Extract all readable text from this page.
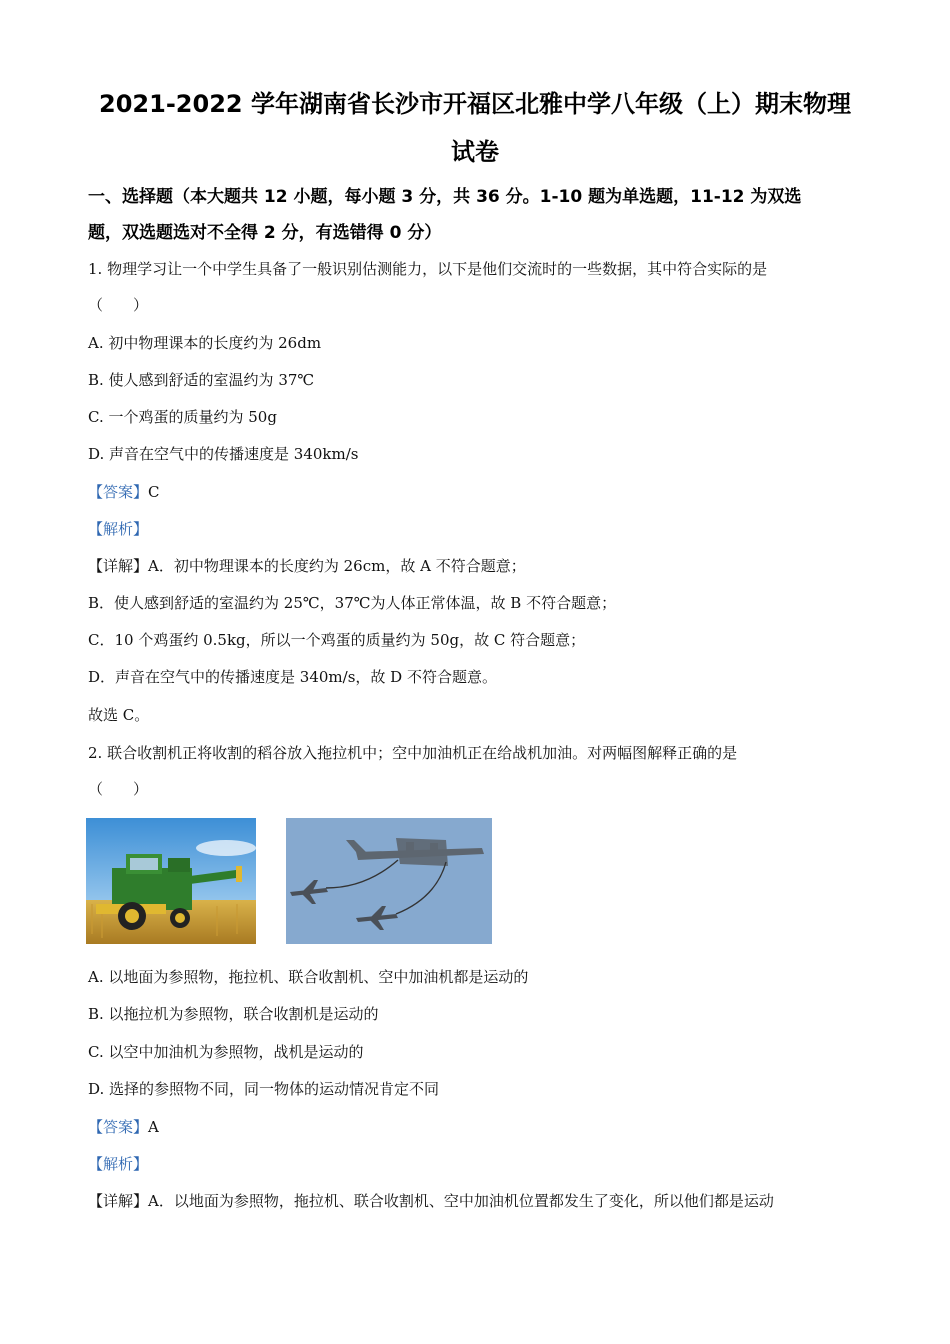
2021-2022 学年湖南省长沙市开福区北雅中学八年级（上）期末物理
试卷
一、选择题（本大题共 12 小题，每小题 3 分，共 36 分。1-10 题为单选题，11-12 为双选
题，双选题选对不全得 2 分，有选错得 0 分）
1. 物理学习让一个中学生具备了一般识别估测能力，以下是他们交流时的一些数据，其中符合实际的是
（　　）
A. 初中物理课本的长度约为 26dm
B. 使人感到舒适的室温约为 37℃
C. 一个鸡蛋的质量约为 50g
D. 声音在空气中的传播速度是 340km/s
【答案】C
【解析】
【详解】A．初中物理课本的长度约为 26cm，故 A 不符合题意；
B．使人感到舒适的室温约为 25℃，37℃为人体正常体温，故 B 不符合题意；
C．10 个鸡蛋约 0.5kg，所以一个鸡蛋的质量约为 50g，故 C 符合题意；
D．声音在空气中的传播速度是 340m/s，故 D 不符合题意。
故选 C。
2. 联合收割机正将收割的稻谷放入拖拉机中；空中加油机正在给战机加油。对两幅图解释正确的是
（　　）
A. 以地面为参照物，拖拉机、联合收割机、空中加油机都是运动的
B. 以拖拉机为参照物，联合收割机是运动的
C. 以空中加油机为参照物，战机是运动的
D. 选择的参照物不同，同一物体的运动情况肯定不同
【答案】A
【解析】
【详解】A．以地面为参照物，拖拉机、联合收割机、空中加油机位置都发生了变化，所以他们都是运动
